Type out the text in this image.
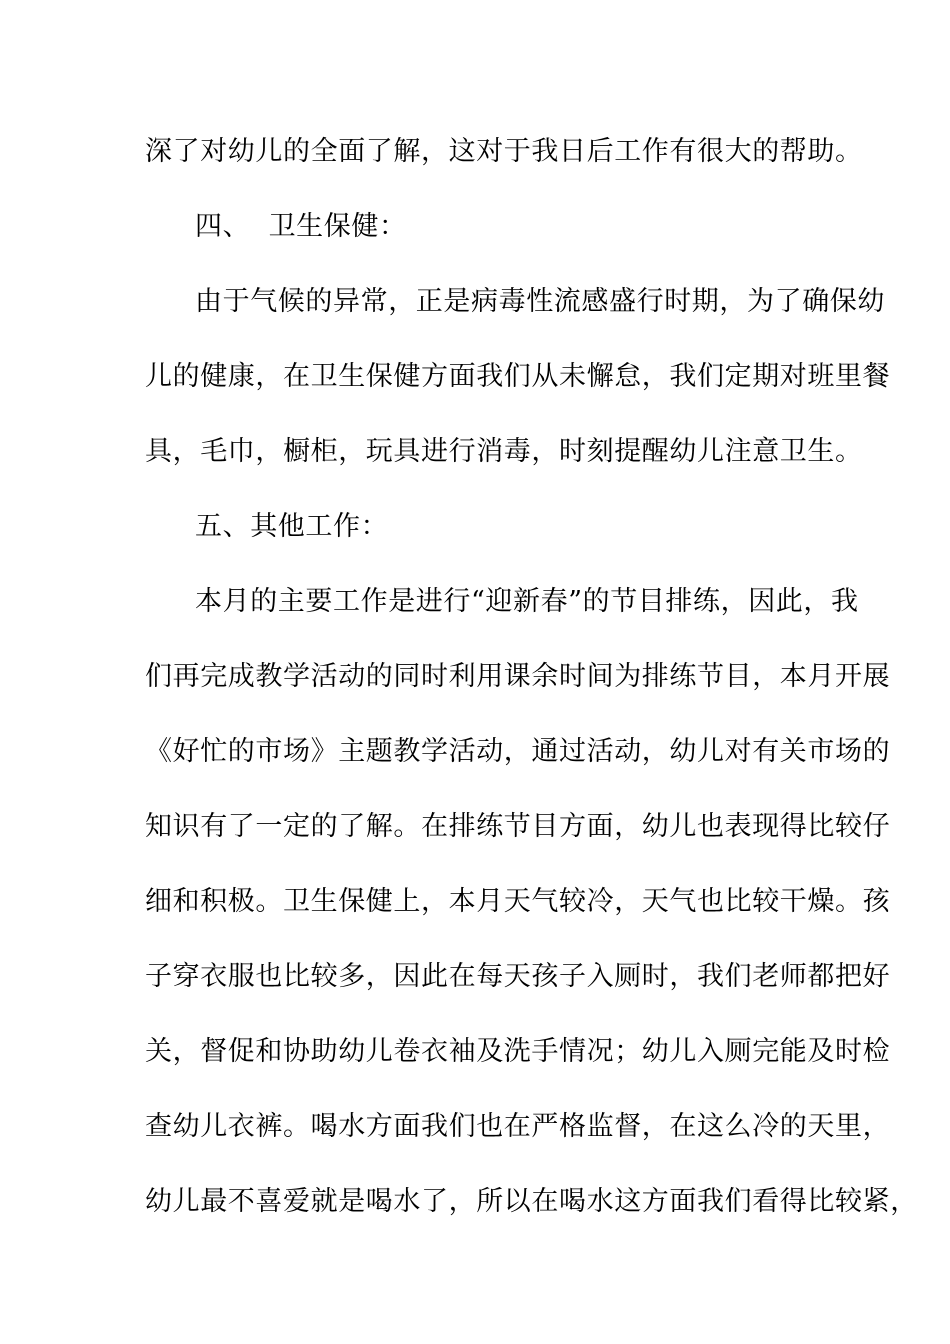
深了对幼儿的全面了解，这对于我日后工作有很大的帮助。
四、  卫生保健：
由于气候的异常，正是病毒性流感盛行时期，为了确保幼
儿的健康，在卫生保健方面我们从未懈怠，我们定期对班里餐
具，毛巾，橱柜，玩具进行消毒，时刻提醒幼儿注意卫生。
五、其他工作：
本月的主要工作是进行“迎新春”的节目排练，因此，我
们再完成教学活动的同时利用课余时间为排练节目，本月开展
《好忙的市场》主题教学活动，通过活动，幼儿对有关市场的
知识有了一定的了解。在排练节目方面，幼儿也表现得比较仔
细和积极。卫生保健上，本月天气较冷，天气也比较干燥。孩
子穿衣服也比较多，因此在每天孩子入厕时，我们老师都把好
关，督促和协助幼儿卷衣袖及洗手情况；幼儿入厕完能及时检
查幼儿衣裤。喝水方面我们也在严格监督，在这么冷的天里，
幼儿最不喜爱就是喝水了，所以在喝水这方面我们看得比较紧，
